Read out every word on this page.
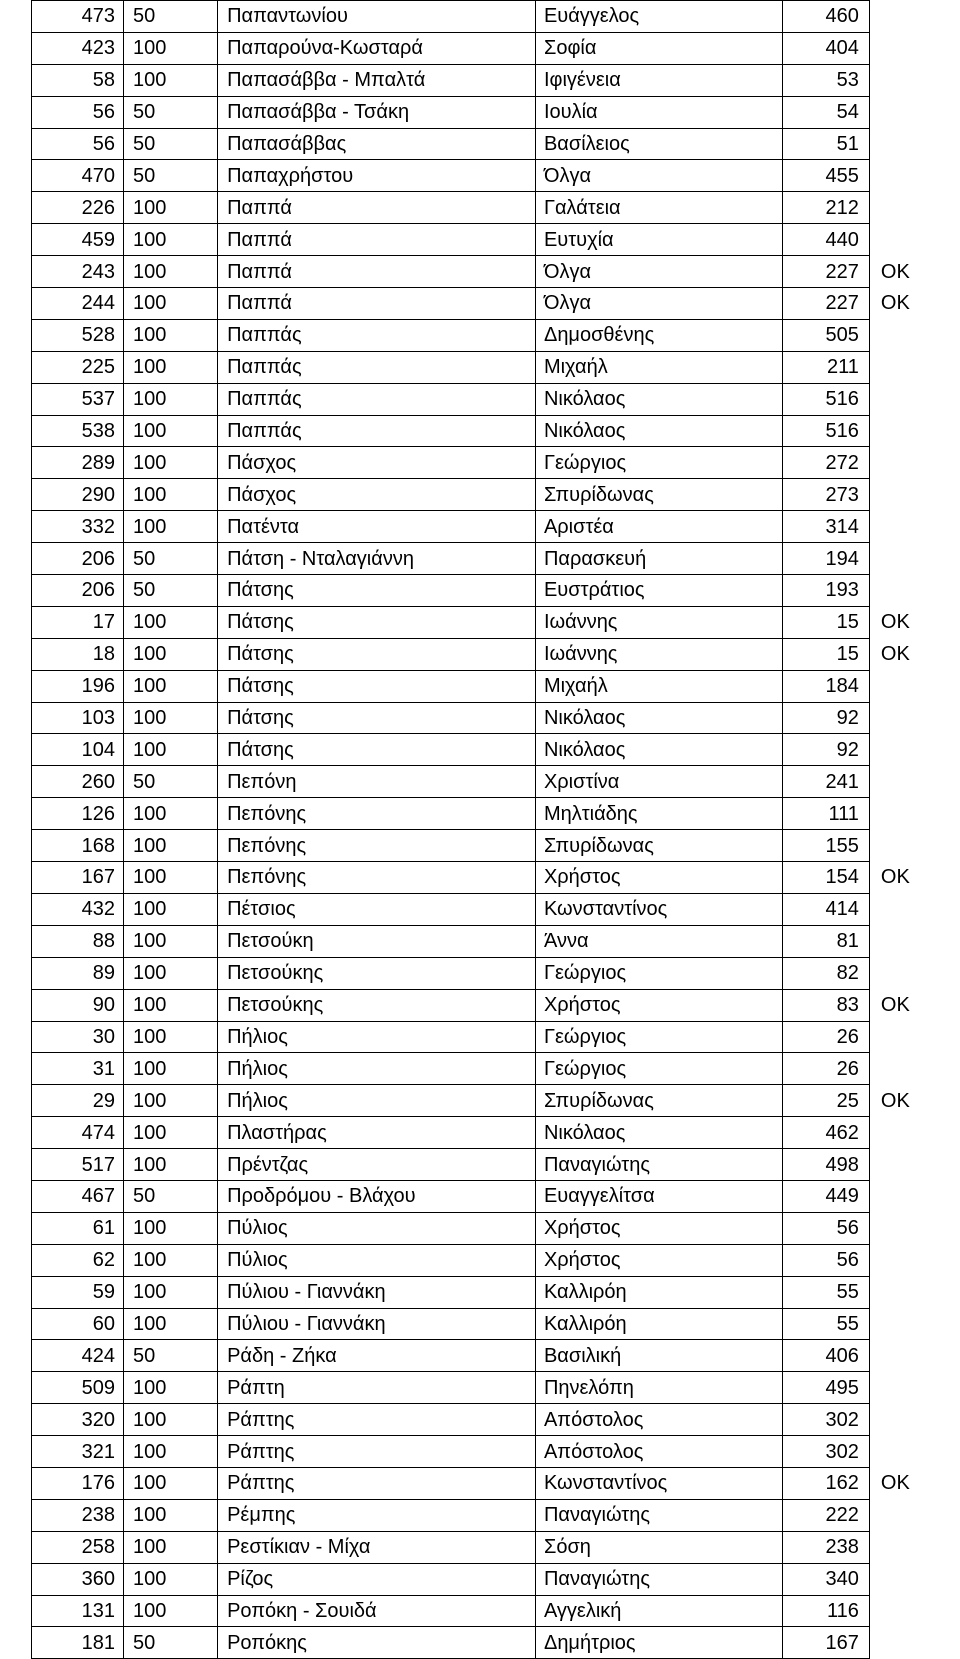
473	50	Παπαντωνίου	Ευάγγελος	460	
423	100	Παπαρούνα-Κωσταρά	Σοφία	404	
58	100	Παπασάββα - Μπαλτά	Ιφιγένεια	53	
56	50	Παπασάββα - Τσάκη	Ιουλία	54	
56	50	Παπασάββας	Βασίλειος	51	
470	50	Παπαχρήστου	Όλγα	455	
226	100	Παππά	Γαλάτεια	212	
459	100	Παππά	Ευτυχία	440	
243	100	Παππά	Όλγα	227	OK
244	100	Παππά	Όλγα	227	OK
528	100	Παππάς	Δημοσθένης	505	
225	100	Παππάς	Μιχαήλ	211	
537	100	Παππάς	Νικόλαος	516	
538	100	Παππάς	Νικόλαος	516	
289	100	Πάσχος	Γεώργιος	272	
290	100	Πάσχος	Σπυρίδωνας	273	
332	100	Πατέντα	Αριστέα	314	
206	50	Πάτση - Νταλαγιάννη	Παρασκευή	194	
206	50	Πάτσης	Ευστράτιος	193	
17	100	Πάτσης	Ιωάννης	15	OK
18	100	Πάτσης	Ιωάννης	15	OK
196	100	Πάτσης	Μιχαήλ	184	
103	100	Πάτσης	Νικόλαος	92	
104	100	Πάτσης	Νικόλαος	92	
260	50	Πεπόνη	Χριστίνα	241	
126	100	Πεπόνης	Μηλτιάδης	111	
168	100	Πεπόνης	Σπυρίδωνας	155	
167	100	Πεπόνης	Χρήστος	154	OK
432	100	Πέτσιος	Κωνσταντίνος	414	
88	100	Πετσούκη	Άννα	81	
89	100	Πετσούκης	Γεώργιος	82	
90	100	Πετσούκης	Χρήστος	83	OK
30	100	Πήλιος	Γεώργιος	26	
31	100	Πήλιος	Γεώργιος	26	
29	100	Πήλιος	Σπυρίδωνας	25	OK
474	100	Πλαστήρας	Νικόλαος	462	
517	100	Πρέντζας	Παναγιώτης	498	
467	50	Προδρόμου - Βλάχου	Ευαγγελίτσα	449	
61	100	Πύλιος	Χρήστος	56	
62	100	Πύλιος	Χρήστος	56	
59	100	Πύλιου - Γιαννάκη	Καλλιρόη	55	
60	100	Πύλιου - Γιαννάκη	Καλλιρόη	55	
424	50	Ράδη - Ζήκα	Βασιλική	406	
509	100	Ράπτη	Πηνελόπη	495	
320	100	Ράπτης	Απόστολος	302	
321	100	Ράπτης	Απόστολος	302	
176	100	Ράπτης	Κωνσταντίνος	162	OK
238	100	Ρέμπης	Παναγιώτης	222	
258	100	Ρεστίκιαν - Μίχα	Σόση	238	
360	100	Ρίζος	Παναγιώτης	340	
131	100	Ροπόκη - Σουιδά	Αγγελική	116	
181	50	Ροπόκης	Δημήτριος	167	
